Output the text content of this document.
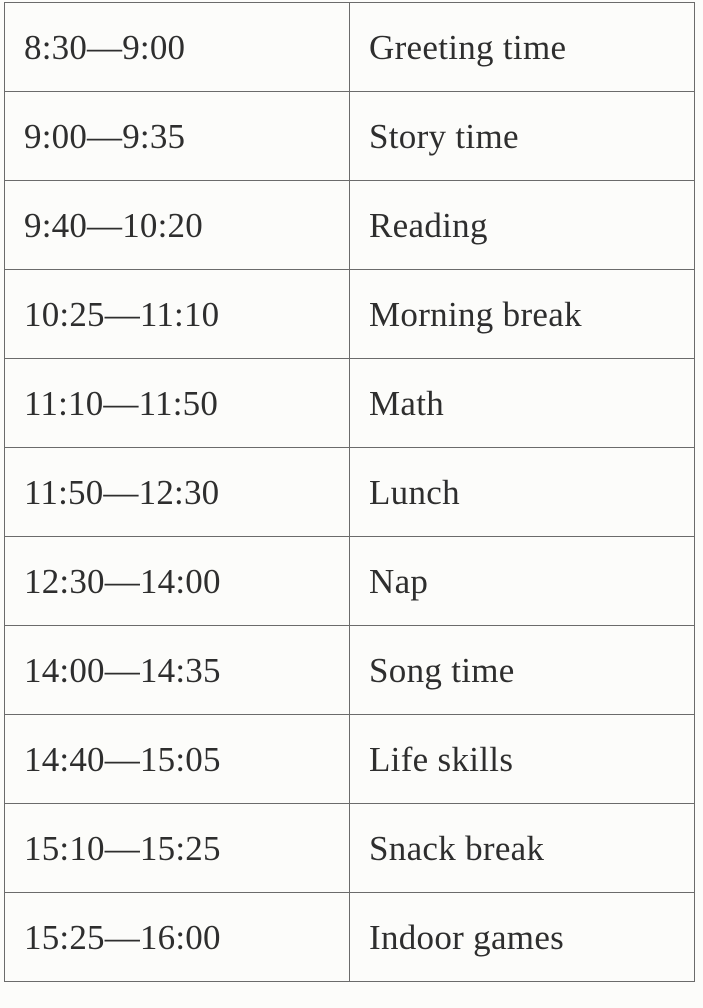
8:30—9:00	Greeting time
9:00—9:35	Story time
9:40—10:20	Reading
10:25—11:10	Morning break
11:10—11:50	Math
11:50—12:30	Lunch
12:30—14:00	Nap
14:00—14:35	Song time
14:40—15:05	Life skills
15:10—15:25	Snack break
15:25—16:00	Indoor games
